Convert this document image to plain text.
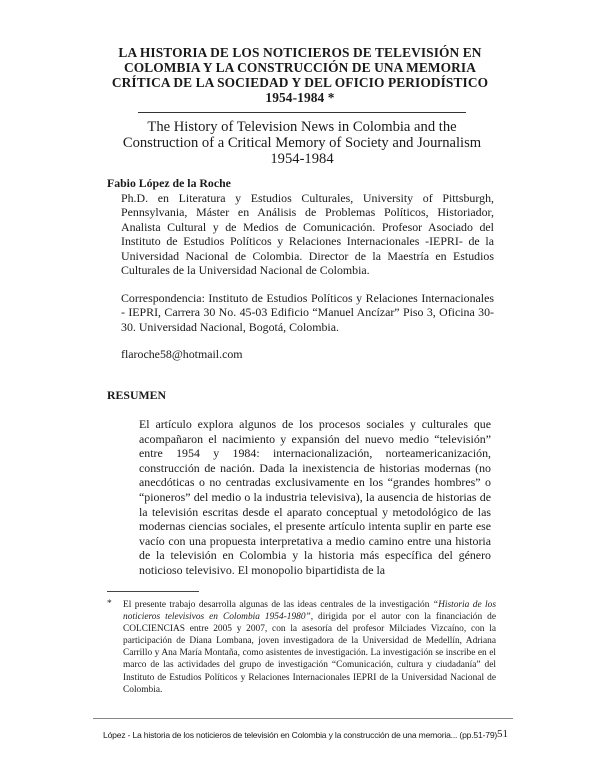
LA HISTORIA DE LOS NOTICIEROS DE TELEVISIÓN EN COLOMBIA Y LA CONSTRUCCIÓN DE UNA MEMORIA CRÍTICA DE LA SOCIEDAD Y DEL OFICIO PERIODÍSTICO 1954-1984 *
The History of Television News in Colombia and the Construction of a Critical Memory of Society and Journalism 1954-1984
Fabio López de la Roche
Ph.D. en Literatura y Estudios Culturales, University of Pittsburgh, Pennsylvania, Máster en Análisis de Problemas Políticos, Historiador, Analista Cultural y de Medios de Comunicación. Profesor Asociado del Instituto de Estudios Políticos y Relaciones Internacionales -IEPRI- de la Universidad Nacional de Colombia. Director de la Maestría en Estudios Culturales de la Universidad Nacional de Colombia.
Correspondencia: Instituto de Estudios Políticos y Relaciones Internacionales - IEPRI, Carrera 30 No. 45-03 Edificio “Manuel Ancízar” Piso 3, Oficina 30-30. Universidad Nacional, Bogotá, Colombia.
flaroche58@hotmail.com
RESUMEN
El artículo explora algunos de los procesos sociales y culturales que acompañaron el nacimiento y expansión del nuevo medio “televisión” entre 1954 y 1984: internacionalización, norteamericanización, construcción de nación. Dada la inexistencia de historias modernas (no anecdóticas o no centradas exclusivamente en los “grandes hombres” o “pioneros” del medio o la industria televisiva), la ausencia de historias de la televisión escritas desde el aparato conceptual y metodológico de las modernas ciencias sociales, el presente artículo intenta suplir en parte ese vacío con una propuesta interpretativa a medio camino entre una historia de la televisión en Colombia y la historia más específica del género noticioso televisivo. El monopolio bipartidista de la
* El presente trabajo desarrolla algunas de las ideas centrales de la investigación “Historia de los noticieros televisivos en Colombia 1954-1980”, dirigida por el autor con la financiación de COLCIENCIAS entre 2005 y 2007, con la asesoría del profesor Milciades Vizcaíno, con la participación de Diana Lombana, joven investigadora de la Universidad de Medellín, Adriana Carrillo y Ana María Montaña, como asistentes de investigación. La investigación se inscribe en el marco de las actividades del grupo de investigación “Comunicación, cultura y ciudadanía” del Instituto de Estudios Políticos y Relaciones Internacionales IEPRI de la Universidad Nacional de Colombia.
López - La historia de los noticieros de televisión en Colombia y la construcción de una memoria... (pp.51-79) 51
